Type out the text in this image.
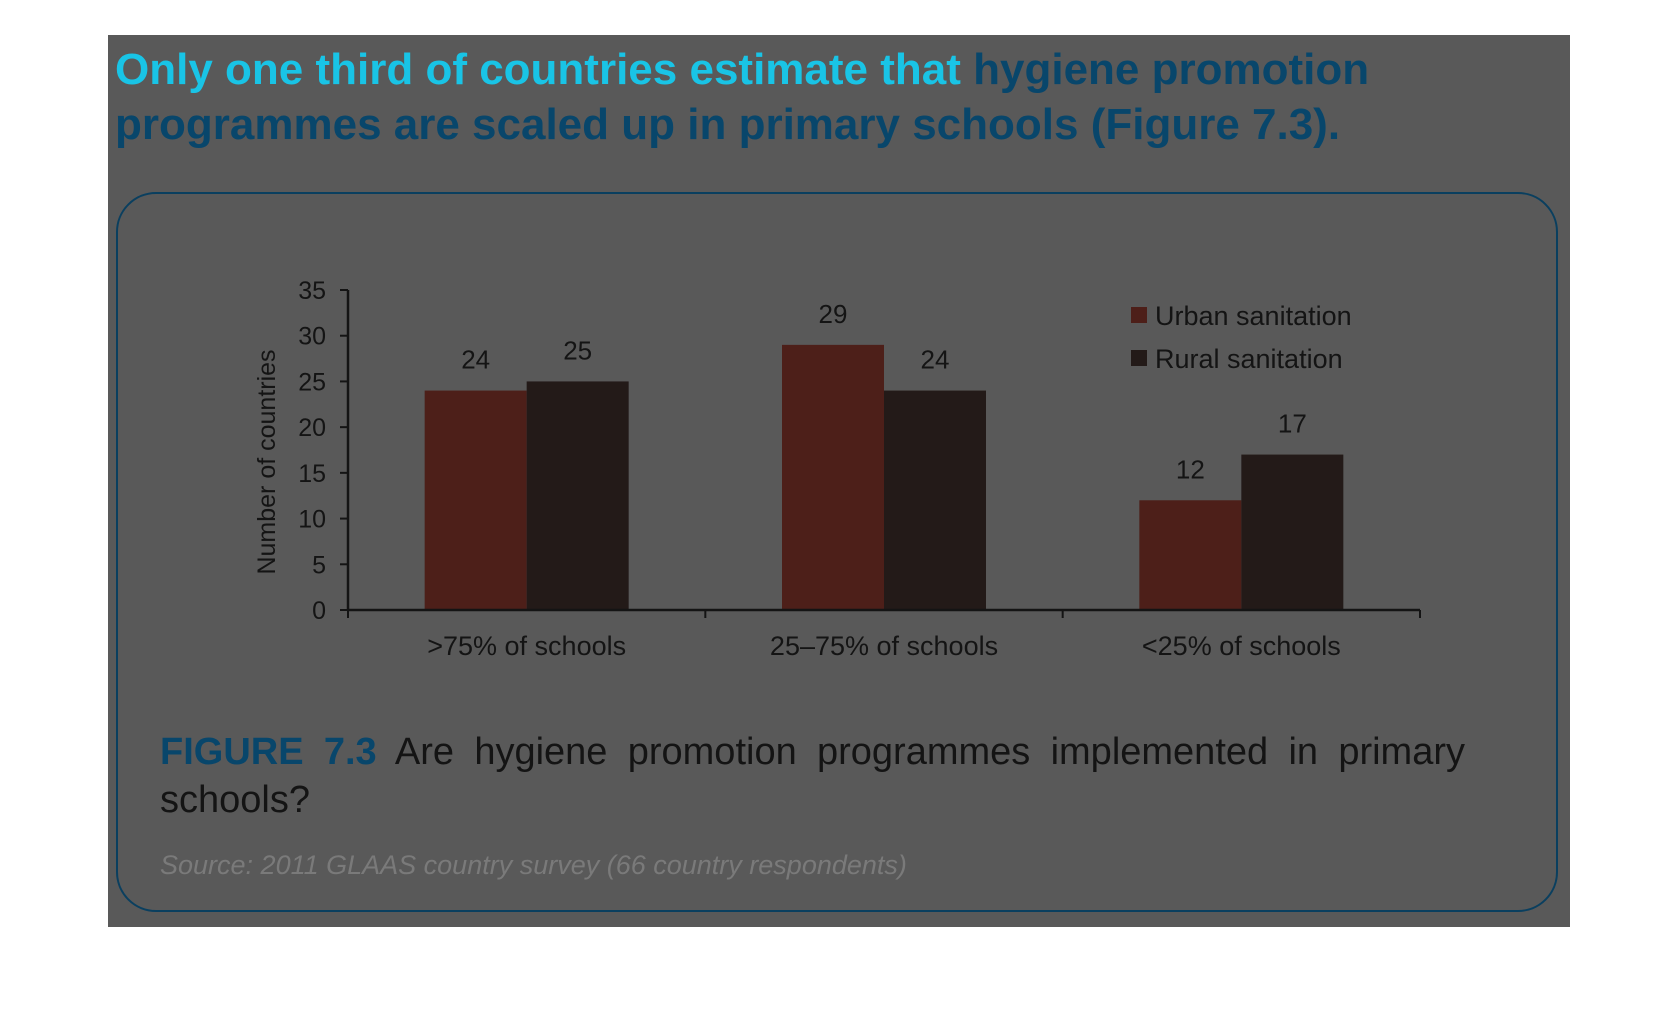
Only one third of countries estimate that hygiene promotion programmes are scaled up in primary schools (Figure 7.3).
0
5
10
15
20
25
30
35
Number of countries	24	25
>75% of schools
29
24
25–75% of schools
12
17
<25% of schools
Urban sanitation
Rural sanitation
FIGURE 7.3 Are hygiene promotion programmes implemented in primary schools?
Source: 2011 GLAAS country survey (66 country respondents)
